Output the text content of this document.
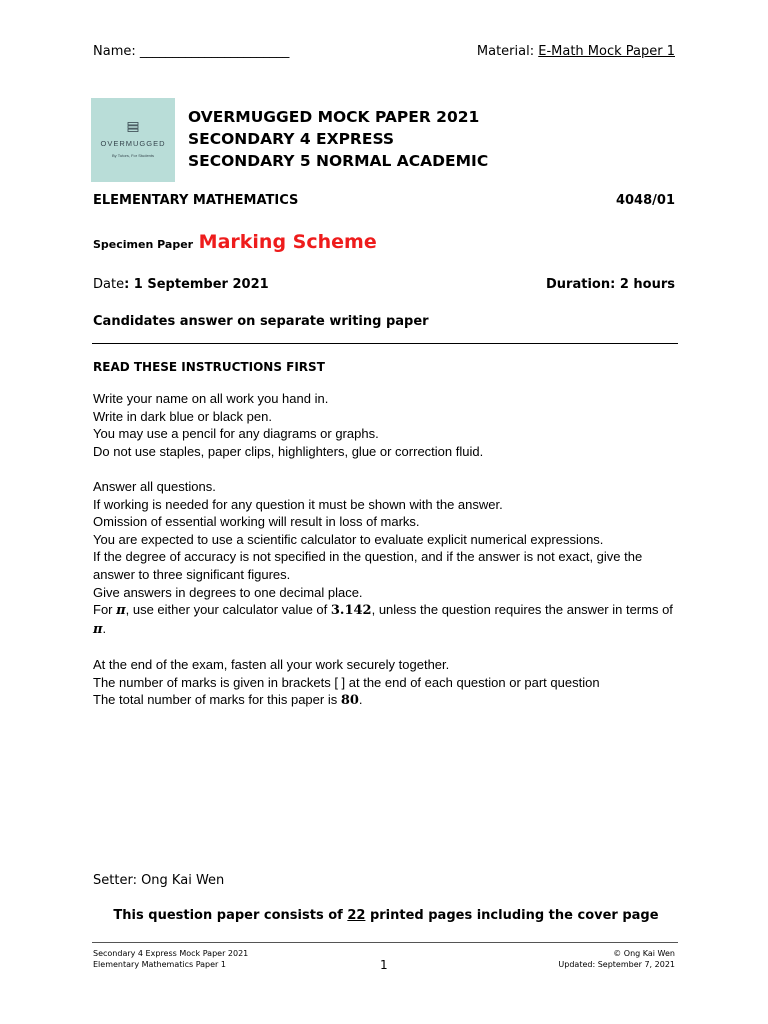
Name: _______________________	Material: E-Math Mock Paper 1
OVERMUGGED
By Tutors, For Students
OVERMUGGED MOCK PAPER 2021
SECONDARY 4 EXPRESS
SECONDARY 5 NORMAL ACADEMIC
ELEMENTARY MATHEMATICS	4048/01
Specimen Paper Marking Scheme
Date: 1 September 2021	Duration: 2 hours
Candidates answer on separate writing paper
READ THESE INSTRUCTIONS FIRST

Write your name on all work you hand in.

Write in dark blue or black pen.

You may use a pencil for any diagrams or graphs.

Do not use staples, paper clips, highlighters, glue or correction fluid.

Answer all questions.

If working is needed for any question it must be shown with the answer.

Omission of essential working will result in loss of marks.

You are expected to use a scientific calculator to evaluate explicit numerical expressions.

If the degree of accuracy is not specified in the question, and if the answer is not exact, give the answer to three significant figures.

Give answers in degrees to one decimal place.

For π, use either your calculator value of 3.142, unless the question requires the answer in terms of π.

At the end of the exam, fasten all your work securely together.

The number of marks is given in brackets [ ] at the end of each question or part question

The total number of marks for this paper is 80.

Setter: Ong Kai Wen
This question paper consists of 22 printed pages including the cover page
Secondary 4 Express Mock Paper 2021
Elementary Mathematics Paper 1	1
© Ong Kai Wen
Updated: September 7, 2021
